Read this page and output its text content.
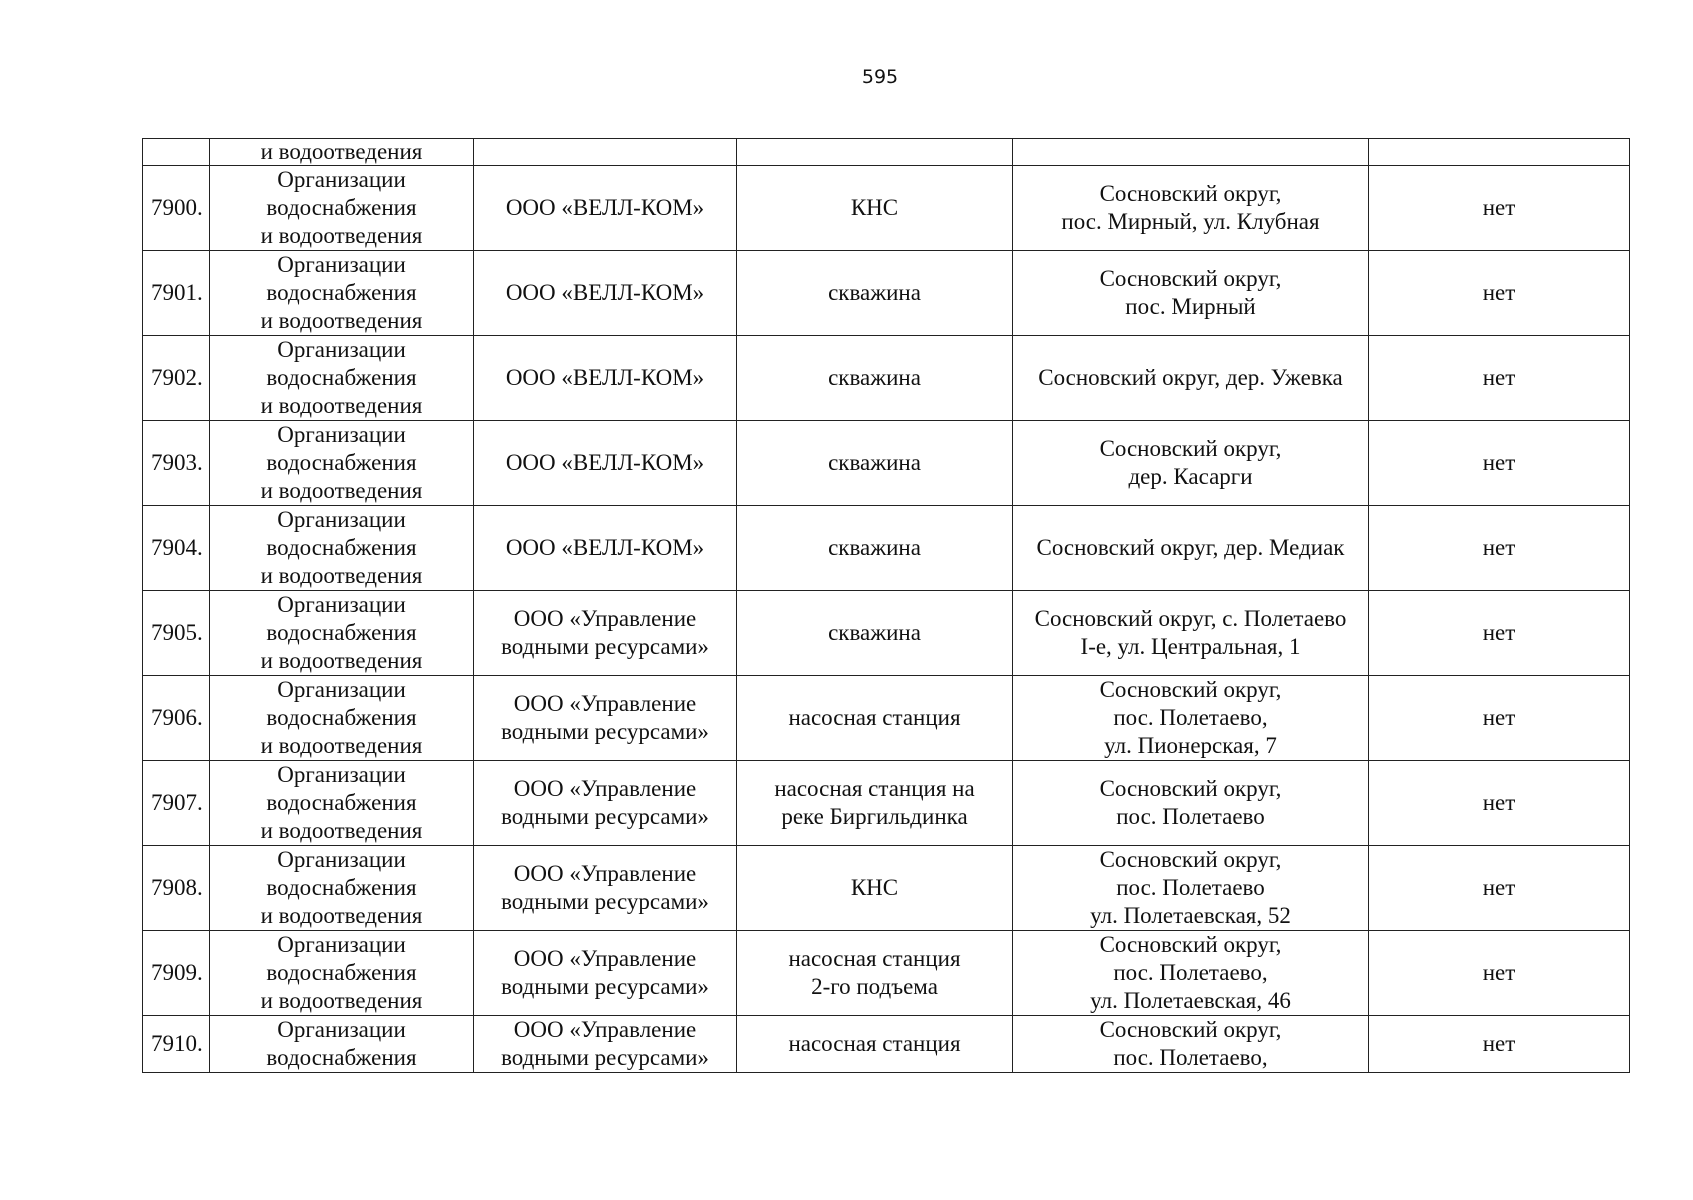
595
	и водоотведения				
7900.	Организации
водоснабжения
и водоотведения	ООО «ВЕЛЛ-КОМ»	КНС	Сосновский округ,
пос. Мирный, ул. Клубная	нет
7901.	Организации
водоснабжения
и водоотведения	ООО «ВЕЛЛ-КОМ»	скважина	Сосновский округ,
пос. Мирный	нет
7902.	Организации
водоснабжения
и водоотведения	ООО «ВЕЛЛ-КОМ»	скважина	Сосновский округ, дер. Ужевка	нет
7903.	Организации
водоснабжения
и водоотведения	ООО «ВЕЛЛ-КОМ»	скважина	Сосновский округ,
дер. Касарги	нет
7904.	Организации
водоснабжения
и водоотведения	ООО «ВЕЛЛ-КОМ»	скважина	Сосновский округ, дер. Медиак	нет
7905.	Организации
водоснабжения
и водоотведения	ООО «Управление
водными ресурсами»	скважина	Сосновский округ, с. Полетаево
I-е, ул. Центральная, 1	нет
7906.	Организации
водоснабжения
и водоотведения	ООО «Управление
водными ресурсами»	насосная станция	Сосновский округ,
пос. Полетаево,
ул. Пионерская, 7	нет
7907.	Организации
водоснабжения
и водоотведения	ООО «Управление
водными ресурсами»	насосная станция на
реке Биргильдинка	Сосновский округ,
пос. Полетаево	нет
7908.	Организации
водоснабжения
и водоотведения	ООО «Управление
водными ресурсами»	КНС	Сосновский округ,
пос. Полетаево
ул. Полетаевская, 52	нет
7909.	Организации
водоснабжения
и водоотведения	ООО «Управление
водными ресурсами»	насосная станция
2-го подъема	Сосновский округ,
пос. Полетаево,
ул. Полетаевская, 46	нет
7910.	Организации
водоснабжения	ООО «Управление
водными ресурсами»	насосная станция	Сосновский округ,
пос. Полетаево,	нет
